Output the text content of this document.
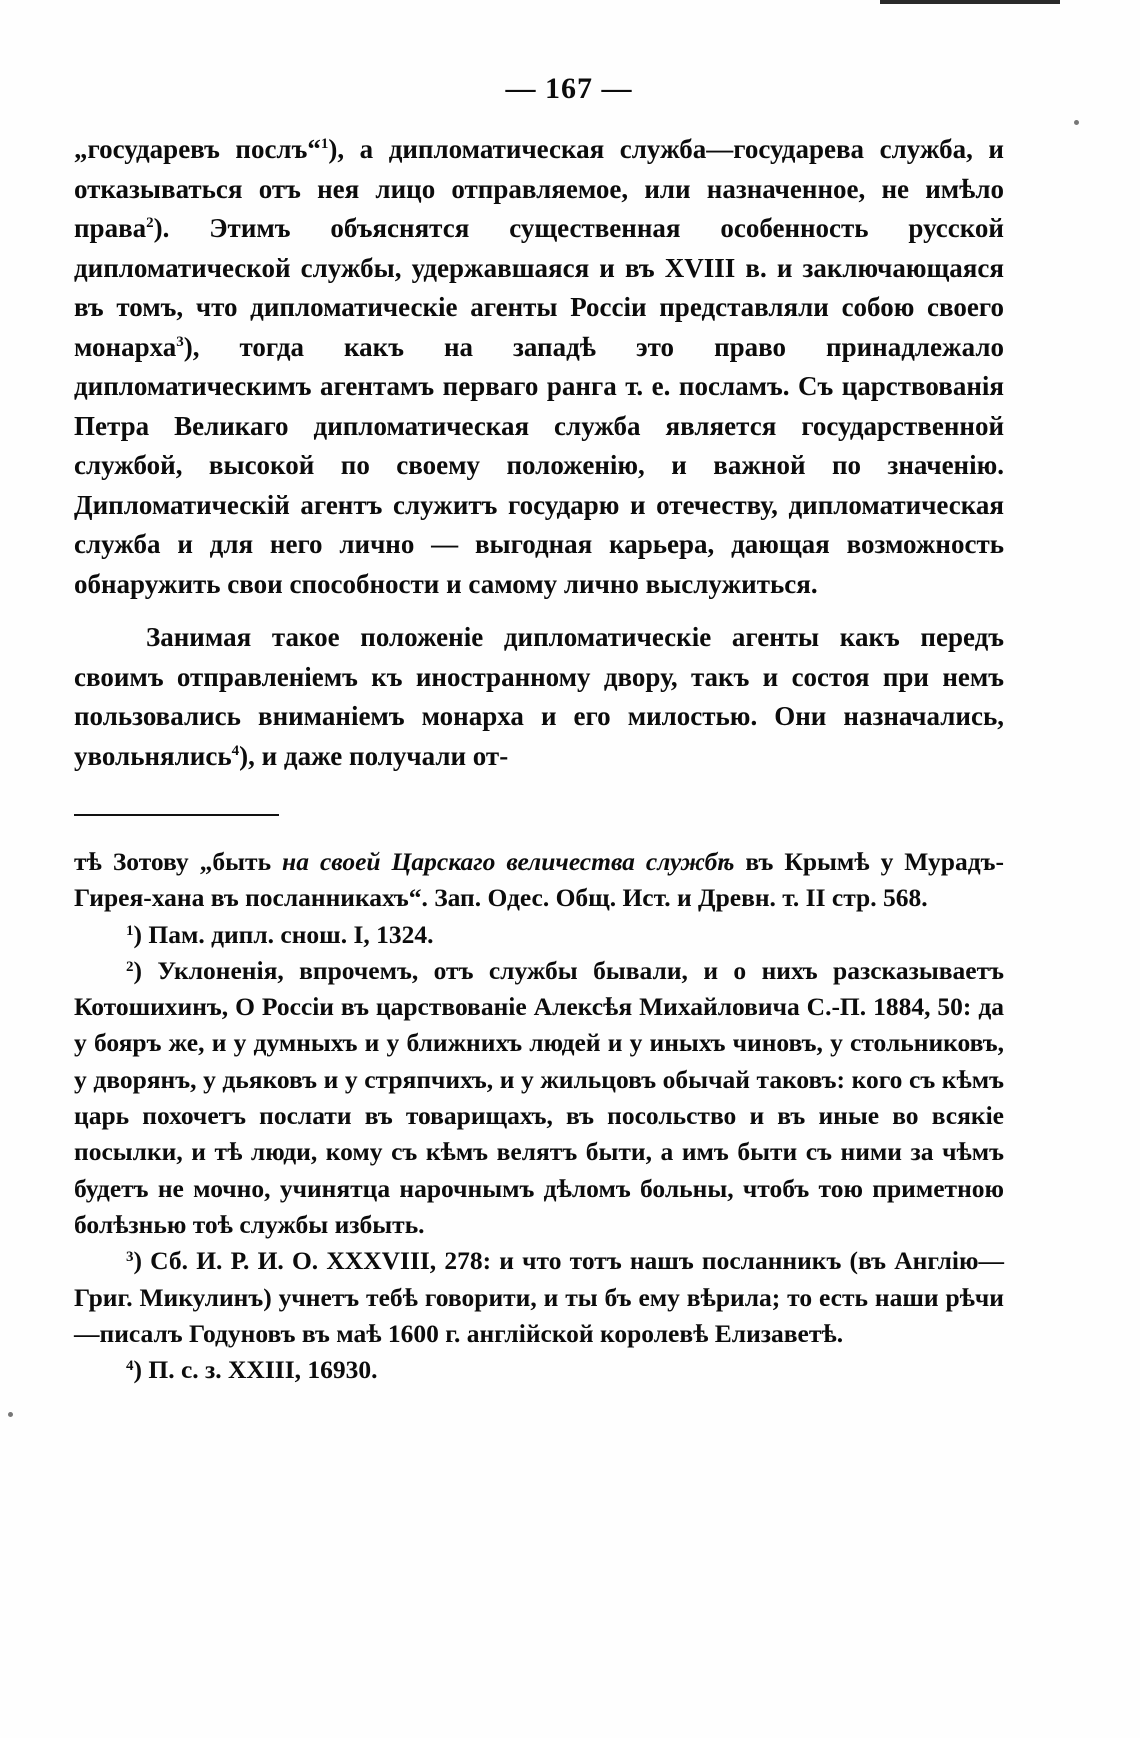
— 167 —

„государевъ послъ“$^1$), а дипломатическая служба—государева служба, и отказываться отъ нея лицо отправляемое, или назначенное, не имѣло права$^2$). Этимъ объяснятся существенная особенность русской дипломатической службы, удержавшаяся и въ XVIII в. и заключающаяся въ томъ, что дипломатическіе агенты Россіи представляли собою своего монарха$^3$), тогда какъ на западѣ это право принадлежало дипломатическимъ агентамъ перваго ранга т. е. посламъ. Съ царствованія Петра Великаго дипломатическая служба является государственной службой, высокой по своему положенію, и важной по значенію. Дипломатическій агентъ служитъ государю и отечеству, дипломатическая служба и для него лично — выгодная карьера, дающая возможность обнаружить свои способности и самому лично выслужиться.

Занимая такое положеніе дипломатическіе агенты какъ передъ своимъ отправленіемъ къ иностранному двору, такъ и состоя при немъ пользовались вниманіемъ монарха и его милостью. Они назначались, увольнялись$^4$), и даже получали от-

тѣ Зотову „быть на своей Царскаго величества службѣ въ Крымѣ у Мурадъ-Гирея-хана въ посланникахъ“. Зап. Одес. Общ. Ист. и Древн. т. II стр. 568.

$^1$) Пам. дипл. снош. I, 1324.

$^2$) Уклоненія, впрочемъ, отъ службы бывали, и о нихъ разсказываетъ Котошихинъ, О Россіи въ царствованіе Алексѣя Михайловича С.-П. 1884, 50: да у бояръ же, и у думныхъ и у ближнихъ людей и у иныхъ чиновъ, у стольниковъ, у дворянъ, у дьяковъ и у стряпчихъ, и у жильцовъ обычай таковъ: кого съ кѣмъ царь похочетъ послати въ товарищахъ, въ посольство и въ иные во всякіе посылки, и тѣ люди, кому съ кѣмъ велятъ быти, а имъ быти съ ними за чѣмъ будетъ не мочно, учинятца нарочнымъ дѣломъ больны, чтобъ тою приметною болѣзнью тоѣ службы избыть.

$^3$) Сб. И. Р. И. О. XXXVIII, 278: и что тотъ нашъ посланникъ (въ Англію—Григ. Микулинъ) учнетъ тебѣ говорити, и ты бъ ему вѣрила; то есть наши рѣчи—писалъ Годуновъ въ маѣ 1600 г. англійской королевѣ Елизаветѣ.

$^4$) П. с. з. XXIII, 16930.
